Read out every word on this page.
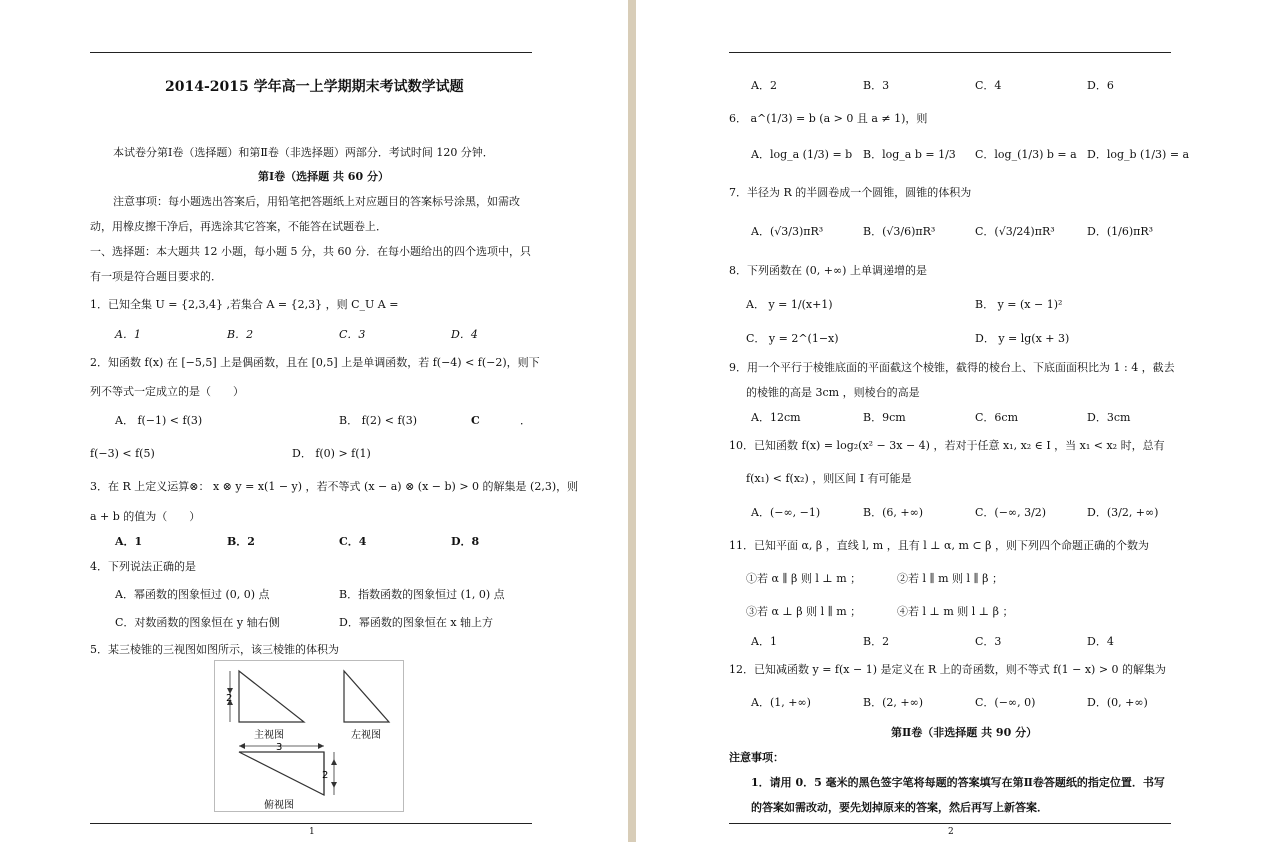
2014-2015 学年高一上学期期末考试数学试题
本试卷分第Ⅰ卷（选择题）和第Ⅱ卷（非选择题）两部分．考试时间 120 分钟．
第Ⅰ卷（选择题 共 60 分）
注意事项：每小题选出答案后，用铅笔把答题纸上对应题目的答案标号涂黑，如需改
动，用橡皮擦干净后，再选涂其它答案，不能答在试题卷上．
一、选择题：本大题共 12 小题，每小题 5 分，共 60 分．在每小题给出的四个选项中，只
有一项是符合题目要求的．
1．已知全集 U = {2,3,4} ,若集合 A = {2,3} ，则 C_U A =
A．1	B．2	C．3	D．4
2．知函数 f(x) 在 [−5,5] 上是偶函数，且在 [0,5] 上是单调函数，若 f(−4) < f(−2)，则下
列不等式一定成立的是（　　）
A． f(−1) < f(3)	B． f(2) < f(3)	C	．
f(−3) < f(5)	D． f(0) > f(1)
3．在 R 上定义运算⊗： x ⊗ y = x(1 − y) ，若不等式 (x − a) ⊗ (x − b) > 0 的解集是 (2,3)，则
a + b 的值为（　　）
A．1	B．2	C．4	D．8
4．下列说法正确的是
A．幂函数的图象恒过 (0, 0) 点	B．指数函数的图象恒过 (1, 0) 点
C．对数函数的图象恒在 y 轴右侧	D．幂函数的图象恒在 x 轴上方
5．某三棱锥的三视图如图所示，该三棱锥的体积为
2
主视图	左视图
3
2
俯视图
1
A．2	B．3	C．4	D．6
6． a^(1/3) = b (a > 0 且 a ≠ 1)，则
A．log_a (1/3) = b B．log_a b = 1/3 C．log_(1/3) b = a D．log_b (1/3) = a
7．半径为 R 的半圆卷成一个圆锥，圆锥的体积为
A．(√3/3)πR³	B．(√3/6)πR³	C．(√3/24)πR³	D．(1/6)πR³
8．下列函数在 (0, +∞) 上单调递增的是
A． y = 1/(x+1)	B． y = (x − 1)²
C． y = 2^(1−x)	D． y = lg(x + 3)
9．用一个平行于棱锥底面的平面截这个棱锥，截得的棱台上、下底面面积比为 1 : 4 ，截去
的棱锥的高是 3cm ，则棱台的高是
A．12cm	B．9cm	C．6cm	D．3cm
10．已知函数 f(x) = log₂(x² − 3x − 4) ，若对于任意 x₁, x₂ ∈ I ，当 x₁ < x₂ 时，总有
f(x₁) < f(x₂) ，则区间 I 有可能是
A．(−∞, −1)	B．(6, +∞)	C．(−∞, 3/2)	D．(3/2, +∞)
11．已知平面 α, β ，直线 l, m ，且有 l ⊥ α, m ⊂ β ，则下列四个命题正确的个数为
①若 α ∥ β 则 l ⊥ m ；	②若 l ∥ m 则 l ∥ β ；
③若 α ⊥ β 则 l ∥ m ；	④若 l ⊥ m 则 l ⊥ β ；
A．1	B．2	C．3	D．4
12．已知减函数 y = f(x − 1) 是定义在 R 上的奇函数，则不等式 f(1 − x) > 0 的解集为
A．(1, +∞)	B．(2, +∞)	C．(−∞, 0)	D．(0, +∞)
第Ⅱ卷（非选择题 共 90 分）
注意事项：
1．请用 0．5 毫米的黑色签字笔将每题的答案填写在第Ⅱ卷答题纸的指定位置．书写
的答案如需改动，要先划掉原来的答案，然后再写上新答案．
2
